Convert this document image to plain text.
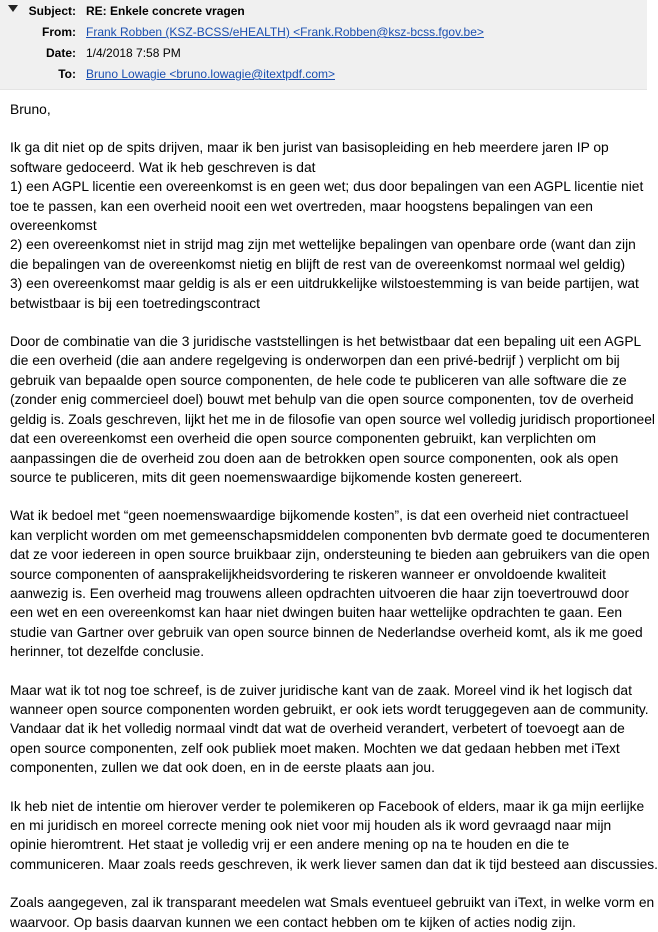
Subject: RE: Enkele concrete vragen
From: Frank Robben (KSZ-BCSS/eHEALTH) <Frank.Robben@ksz-bcss.fgov.be>
Date: 1/4/2018 7:58 PM
To: Bruno Lowagie <bruno.lowagie@itextpdf.com>

Bruno,

Ik ga dit niet op de spits drijven, maar ik ben jurist van basisopleiding en heb meerdere jaren IP op
software gedoceerd. Wat ik heb geschreven is dat
1) een AGPL licentie een overeenkomst is en geen wet; dus door bepalingen van een AGPL licentie niet
toe te passen, kan een overheid nooit een wet overtreden, maar hoogstens bepalingen van een
overeenkomst
2) een overeenkomst niet in strijd mag zijn met wettelijke bepalingen van openbare orde (want dan zijn
die bepalingen van de overeenkomst nietig en blijft de rest van de overeenkomst normaal wel geldig)
3) een overeenkomst maar geldig is als er een uitdrukkelijke wilstoestemming is van beide partijen, wat
betwistbaar is bij een toetredingscontract

Door de combinatie van die 3 juridische vaststellingen is het betwistbaar dat een bepaling uit een AGPL
die een overheid (die aan andere regelgeving is onderworpen dan een privé-bedrijf ) verplicht om bij
gebruik van bepaalde open source componenten, de hele code te publiceren van alle software die ze
(zonder enig commercieel doel) bouwt met behulp van die open source componenten, tov de overheid
geldig is. Zoals geschreven, lijkt het me in de filosofie van open source wel volledig juridisch proportioneel
dat een overeenkomst een overheid die open source componenten gebruikt, kan verplichten om
aanpassingen die de overheid zou doen aan de betrokken open source componenten, ook als open
source te publiceren, mits dit geen noemenswaardige bijkomende kosten genereert.

Wat ik bedoel met “geen noemenswaardige bijkomende kosten”, is dat een overheid niet contractueel
kan verplicht worden om met gemeenschapsmiddelen componenten bvb dermate goed te documenteren
dat ze voor iedereen in open source bruikbaar zijn, ondersteuning te bieden aan gebruikers van die open
source componenten of aansprakelijkheidsvordering te riskeren wanneer er onvoldoende kwaliteit
aanwezig is. Een overheid mag trouwens alleen opdrachten uitvoeren die haar zijn toevertrouwd door
een wet en een overeenkomst kan haar niet dwingen buiten haar wettelijke opdrachten te gaan. Een
studie van Gartner over gebruik van open source binnen de Nederlandse overheid komt, als ik me goed
herinner, tot dezelfde conclusie.

Maar wat ik tot nog toe schreef, is de zuiver juridische kant van de zaak. Moreel vind ik het logisch dat
wanneer open source componenten worden gebruikt, er ook iets wordt teruggegeven aan de community.
Vandaar dat ik het volledig normaal vindt dat wat de overheid verandert, verbetert of toevoegt aan de
open source componenten, zelf ook publiek moet maken. Mochten we dat gedaan hebben met iText
componenten, zullen we dat ook doen, en in de eerste plaats aan jou.

Ik heb niet de intentie om hierover verder te polemikeren op Facebook of elders, maar ik ga mijn eerlijke
en mi juridisch en moreel correcte mening ook niet voor mij houden als ik word gevraagd naar mijn
opinie hieromtrent. Het staat je volledig vrij er een andere mening op na te houden en die te
communiceren. Maar zoals reeds geschreven, ik werk liever samen dan dat ik tijd besteed aan discussies.

Zoals aangegeven, zal ik transparant meedelen wat Smals eventueel gebruikt van iText, in welke vorm en
waarvoor. Op basis daarvan kunnen we een contact hebben om te kijken of acties nodig zijn.
